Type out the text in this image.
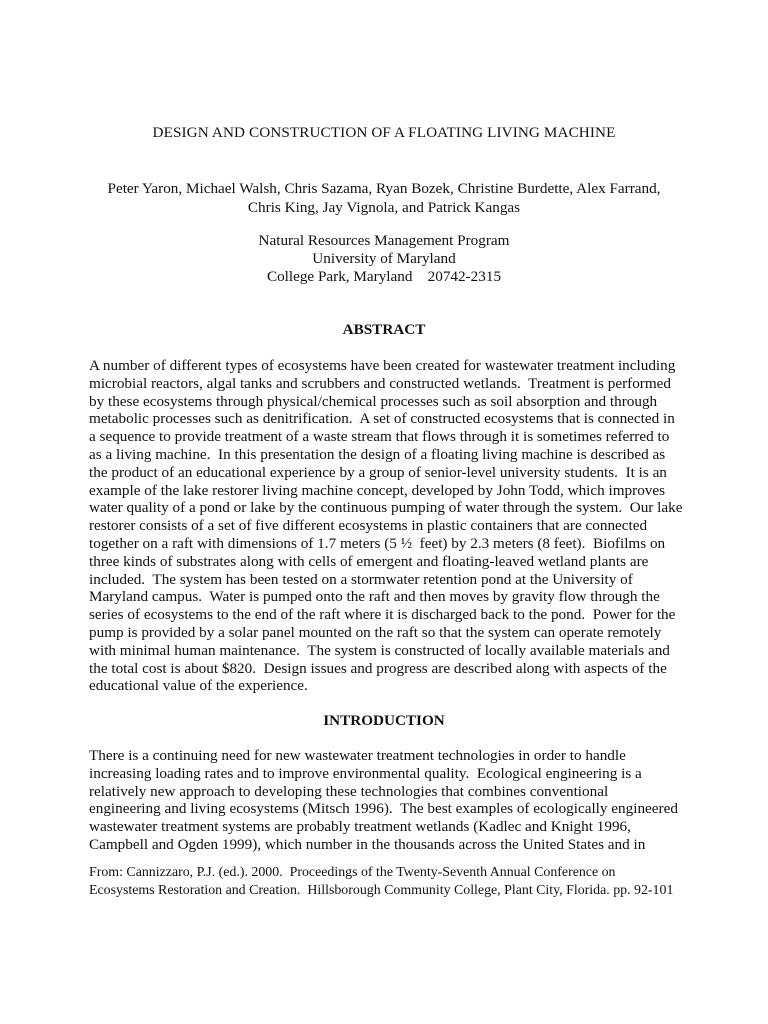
DESIGN AND CONSTRUCTION OF A FLOATING LIVING MACHINE
Peter Yaron, Michael Walsh, Chris Sazama, Ryan Bozek, Christine Burdette, Alex Farrand,
Chris King, Jay Vignola, and Patrick Kangas
Natural Resources Management Program
University of Maryland
College Park, Maryland    20742-2315
ABSTRACT
A number of different types of ecosystems have been created for wastewater treatment including
microbial reactors, algal tanks and scrubbers and constructed wetlands.  Treatment is performed
by these ecosystems through physical/chemical processes such as soil absorption and through
metabolic processes such as denitrification.  A set of constructed ecosystems that is connected in
a sequence to provide treatment of a waste stream that flows through it is sometimes referred to
as a living machine.  In this presentation the design of a floating living machine is described as
the product of an educational experience by a group of senior-level university students.  It is an
example of the lake restorer living machine concept, developed by John Todd, which improves
water quality of a pond or lake by the continuous pumping of water through the system.  Our lake
restorer consists of a set of five different ecosystems in plastic containers that are connected
together on a raft with dimensions of 1.7 meters (5 ½  feet) by 2.3 meters (8 feet).  Biofilms on
three kinds of substrates along with cells of emergent and floating-leaved wetland plants are
included.  The system has been tested on a stormwater retention pond at the University of
Maryland campus.  Water is pumped onto the raft and then moves by gravity flow through the
series of ecosystems to the end of the raft where it is discharged back to the pond.  Power for the
pump is provided by a solar panel mounted on the raft so that the system can operate remotely
with minimal human maintenance.  The system is constructed of locally available materials and
the total cost is about $820.  Design issues and progress are described along with aspects of the
educational value of the experience.
INTRODUCTION
There is a continuing need for new wastewater treatment technologies in order to handle
increasing loading rates and to improve environmental quality.  Ecological engineering is a
relatively new approach to developing these technologies that combines conventional
engineering and living ecosystems (Mitsch 1996).  The best examples of ecologically engineered
wastewater treatment systems are probably treatment wetlands (Kadlec and Knight 1996,
Campbell and Ogden 1999), which number in the thousands across the United States and in
From: Cannizzaro, P.J. (ed.). 2000.  Proceedings of the Twenty-Seventh Annual Conference on
Ecosystems Restoration and Creation.  Hillsborough Community College, Plant City, Florida. pp. 92-101
